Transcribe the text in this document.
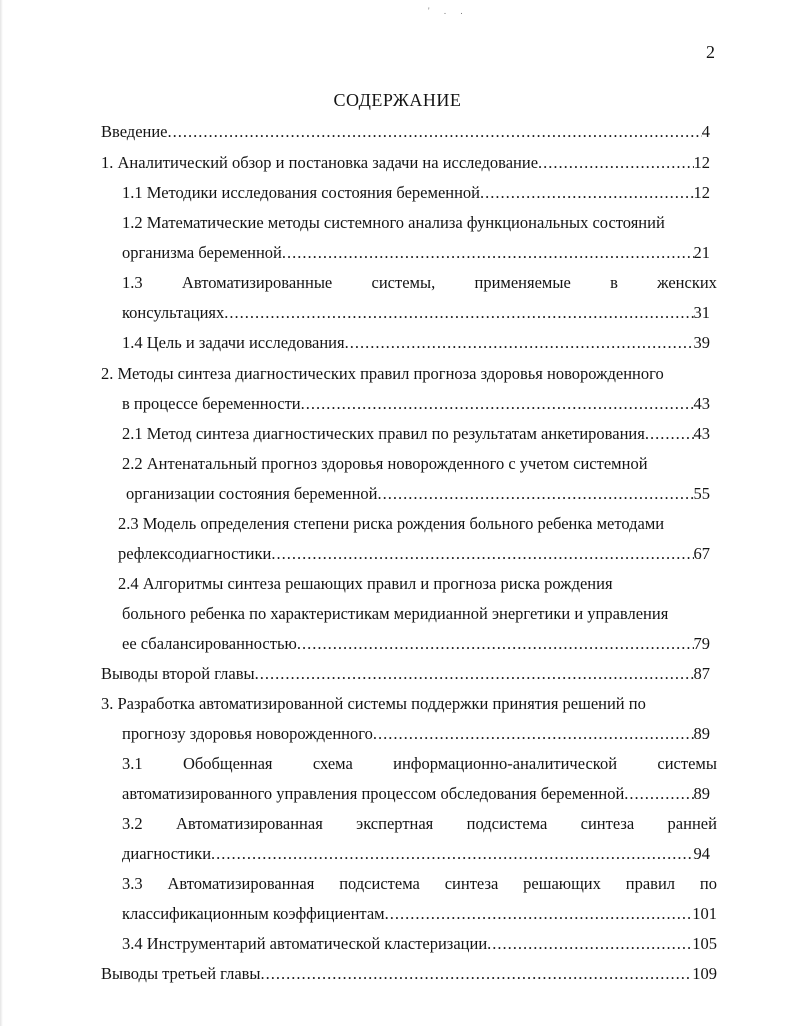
' . .
2
СОДЕРЖАНИЕ
Введение .....	4
1. Аналитический обзор и постановка задачи на исследование .....	12
1.1 Методики исследования состояния беременной .....	12
1.2 Математические методы системного анализа функциональных состояний
организма беременной .....	21
1.3 Автоматизированные системы, применяемые в женских
консультациях .....	31
1.4 Цель и задачи исследования .....	39
2. Методы синтеза диагностических правил прогноза здоровья новорожденного
в процессе беременности .....	43
2.1 Метод синтеза диагностических правил по результатам анкетирования .....	43
2.2 Антенатальный прогноз здоровья новорожденного с учетом системной
организации состояния беременной .....	55
2.3 Модель определения степени риска рождения больного ребенка методами
рефлексодиагностики .....	67
2.4 Алгоритмы синтеза решающих правил и прогноза риска рождения
больного ребенка по характеристикам меридианной энергетики и управления
ее сбалансированностью .....	79
Выводы второй главы .....	87
3. Разработка автоматизированной системы поддержки принятия решений по
прогнозу здоровья новорожденного .....	89
3.1 Обобщенная схема информационно-аналитической системы
автоматизированного управления процессом обследования беременной .....	89
3.2 Автоматизированная экспертная подсистема синтеза ранней
диагностики .....	94
3.3 Автоматизированная подсистема синтеза решающих правил по
классификационным коэффициентам .....	101
3.4 Инструментарий автоматической кластеризации .....	105
Выводы третьей главы .....	109
